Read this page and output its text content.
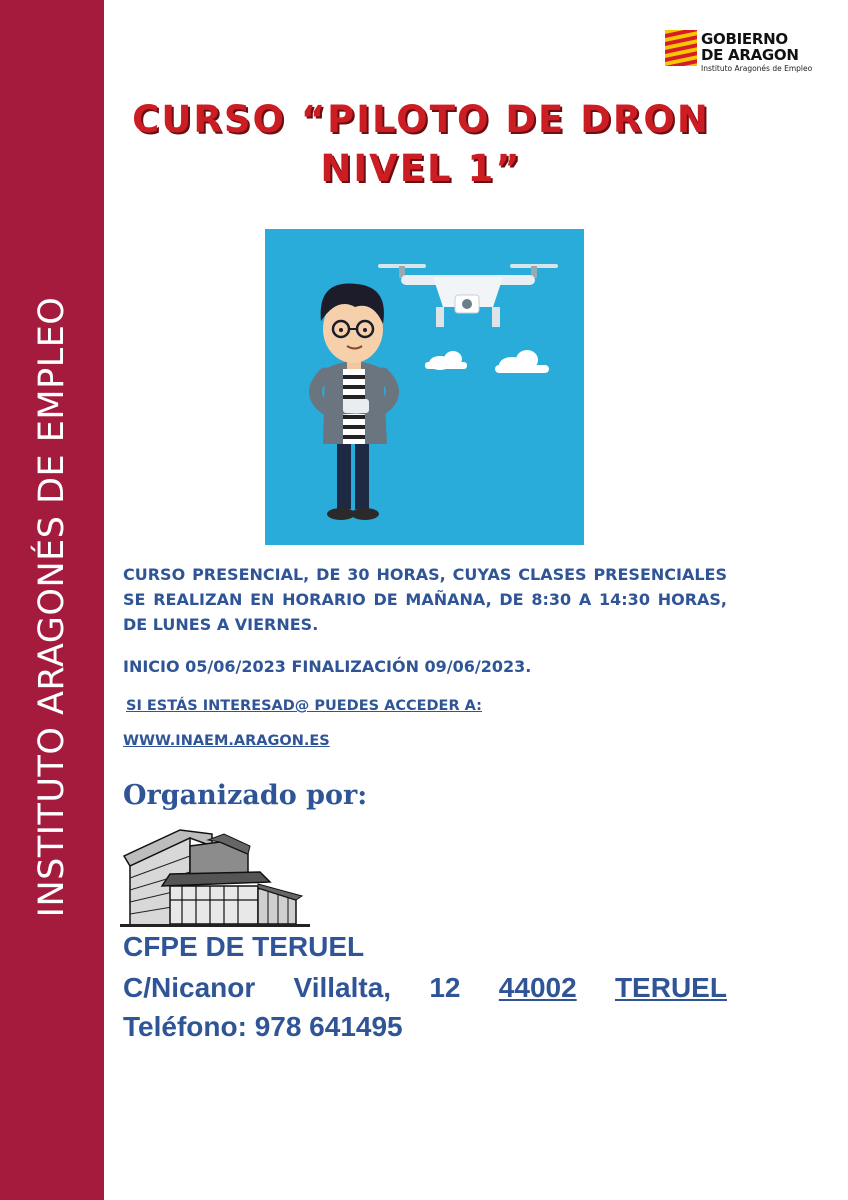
INSTITUTO ARAGONÉS DE EMPLEO
GOBIERNO
DE ARAGON
Instituto Aragonés de Empleo
CURSO “PILOTO DE DRON
NIVEL 1”
CURSO PRESENCIAL, DE 30 HORAS, CUYAS CLASES PRESENCIALES SE REALIZAN EN HORARIO DE MAÑANA, DE 8:30 A 14:30 HORAS, DE LUNES A VIERNES.
INICIO 05/06/2023 FINALIZACIÓN 09/06/2023.
SI ESTÁS INTERESAD@ PUEDES ACCEDER A:
WWW.INAEM.ARAGON.ES
Organizado por:
CFPE DE TERUEL
C/Nicanor Villalta, 12 44002 TERUEL
Teléfono: 978 641495
